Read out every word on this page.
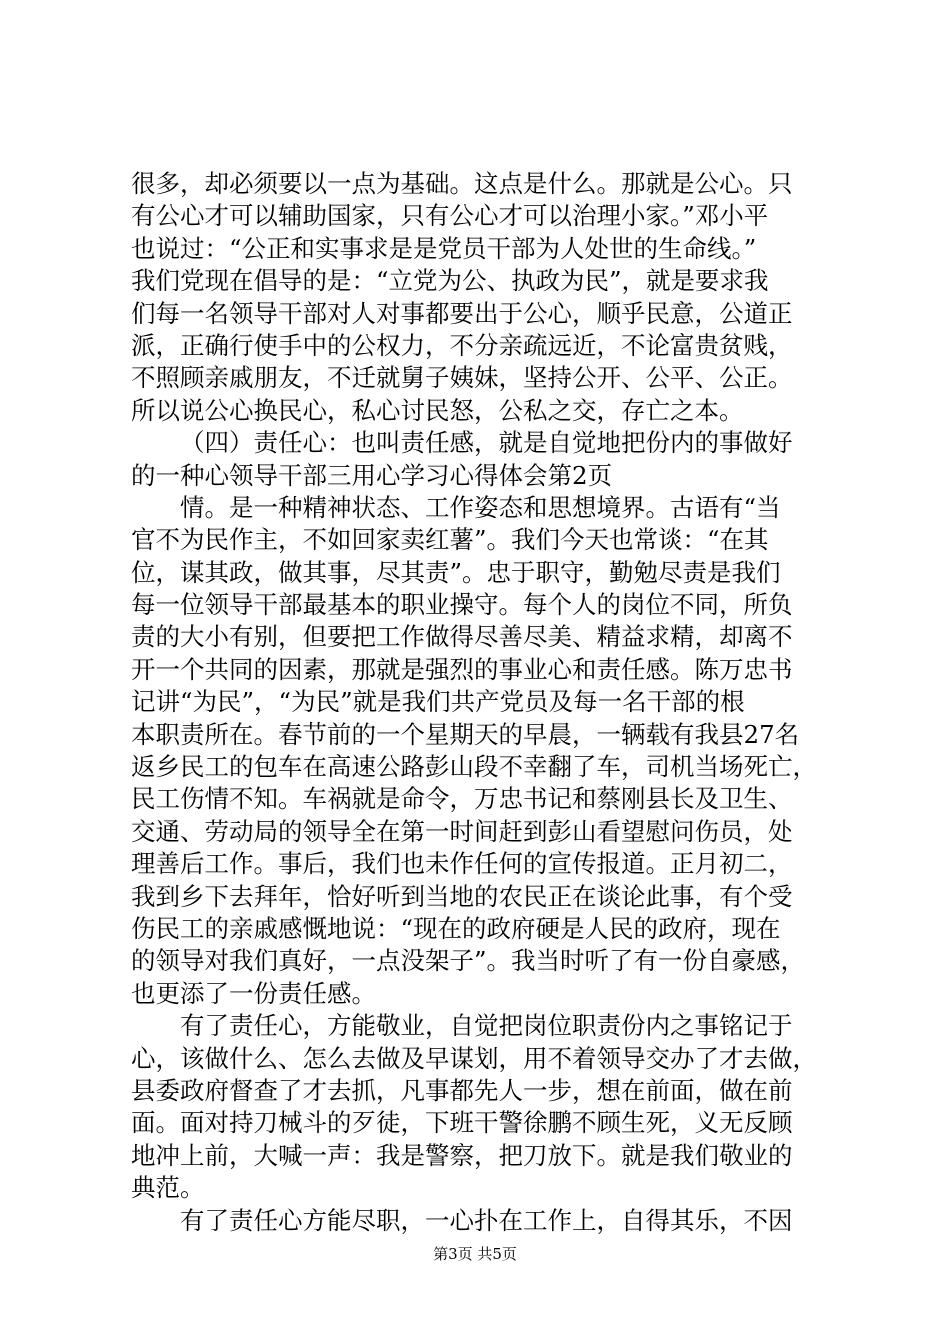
很多，却必须要以一点为基础。这点是什么。那就是公心。只
有公心才可以辅助国家，只有公心才可以治理小家。”邓小平
也说过：“公正和实事求是是党员干部为人处世的生命线。”
我们党现在倡导的是：“立党为公、执政为民”，就是要求我
们每一名领导干部对人对事都要出于公心，顺乎民意，公道正
派，正确行使手中的公权力，不分亲疏远近，不论富贵贫贱，
不照顾亲戚朋友，不迁就舅子姨妹，坚持公开、公平、公正。
所以说公心换民心，私心讨民怒，公私之交，存亡之本。
（四）责任心：也叫责任感，就是自觉地把份内的事做好
的一种心领导干部三用心学习心得体会第2页
情。是一种精神状态、工作姿态和思想境界。古语有“当
官不为民作主，不如回家卖红薯”。我们今天也常谈：“在其
位，谋其政，做其事，尽其责”。忠于职守，勤勉尽责是我们
每一位领导干部最基本的职业操守。每个人的岗位不同，所负
责的大小有别，但要把工作做得尽善尽美、精益求精，却离不
开一个共同的因素，那就是强烈的事业心和责任感。陈万忠书
记讲“为民”，“为民”就是我们共产党员及每一名干部的根
本职责所在。春节前的一个星期天的早晨，一辆载有我县27名
返乡民工的包车在高速公路彭山段不幸翻了车，司机当场死亡，
民工伤情不知。车祸就是命令，万忠书记和蔡刚县长及卫生、
交通、劳动局的领导全在第一时间赶到彭山看望慰问伤员，处
理善后工作。事后，我们也未作任何的宣传报道。正月初二，
我到乡下去拜年，恰好听到当地的农民正在谈论此事，有个受
伤民工的亲戚感慨地说：“现在的政府硬是人民的政府，现在
的领导对我们真好，一点没架子”。我当时听了有一份自豪感，
也更添了一份责任感。
有了责任心，方能敬业，自觉把岗位职责份内之事铭记于
心，该做什么、怎么去做及早谋划，用不着领导交办了才去做，
县委政府督查了才去抓，凡事都先人一步，想在前面，做在前
面。面对持刀械斗的歹徒，下班干警徐鹏不顾生死，义无反顾
地冲上前，大喊一声：我是警察，把刀放下。就是我们敬业的
典范。
有了责任心方能尽职，一心扑在工作上，自得其乐，不因
第3页 共5页
